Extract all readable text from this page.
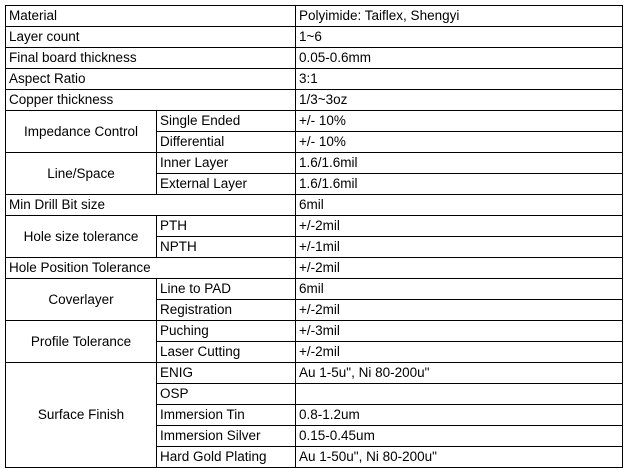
Material		Polyimide: Taiflex, Shengyi
Layer count		1~6
Final board thickness		0.05-0.6mm
Aspect Ratio		3:1
Copper thickness		1/3~3oz
Impedance Control	Single Ended	+/- 10%
	Differential	+/- 10%
Line/Space	Inner Layer	1.6/1.6mil
	External Layer	1.6/1.6mil
Min Drill Bit size		6mil
Hole size tolerance	PTH	+/-2mil
	NPTH	+/-1mil
Hole Position Tolerance		+/-2mil
Coverlayer	Line to PAD	6mil
	Registration	+/-2mil
Profile Tolerance	Puching	+/-3mil
	Laser Cutting	+/-2mil
Surface Finish	ENIG	Au 1-5u", Ni 80-200u"
	OSP	
	Immersion Tin	0.8-1.2um
	Immersion Silver	0.15-0.45um
	Hard Gold Plating	Au 1-50u", Ni 80-200u"
